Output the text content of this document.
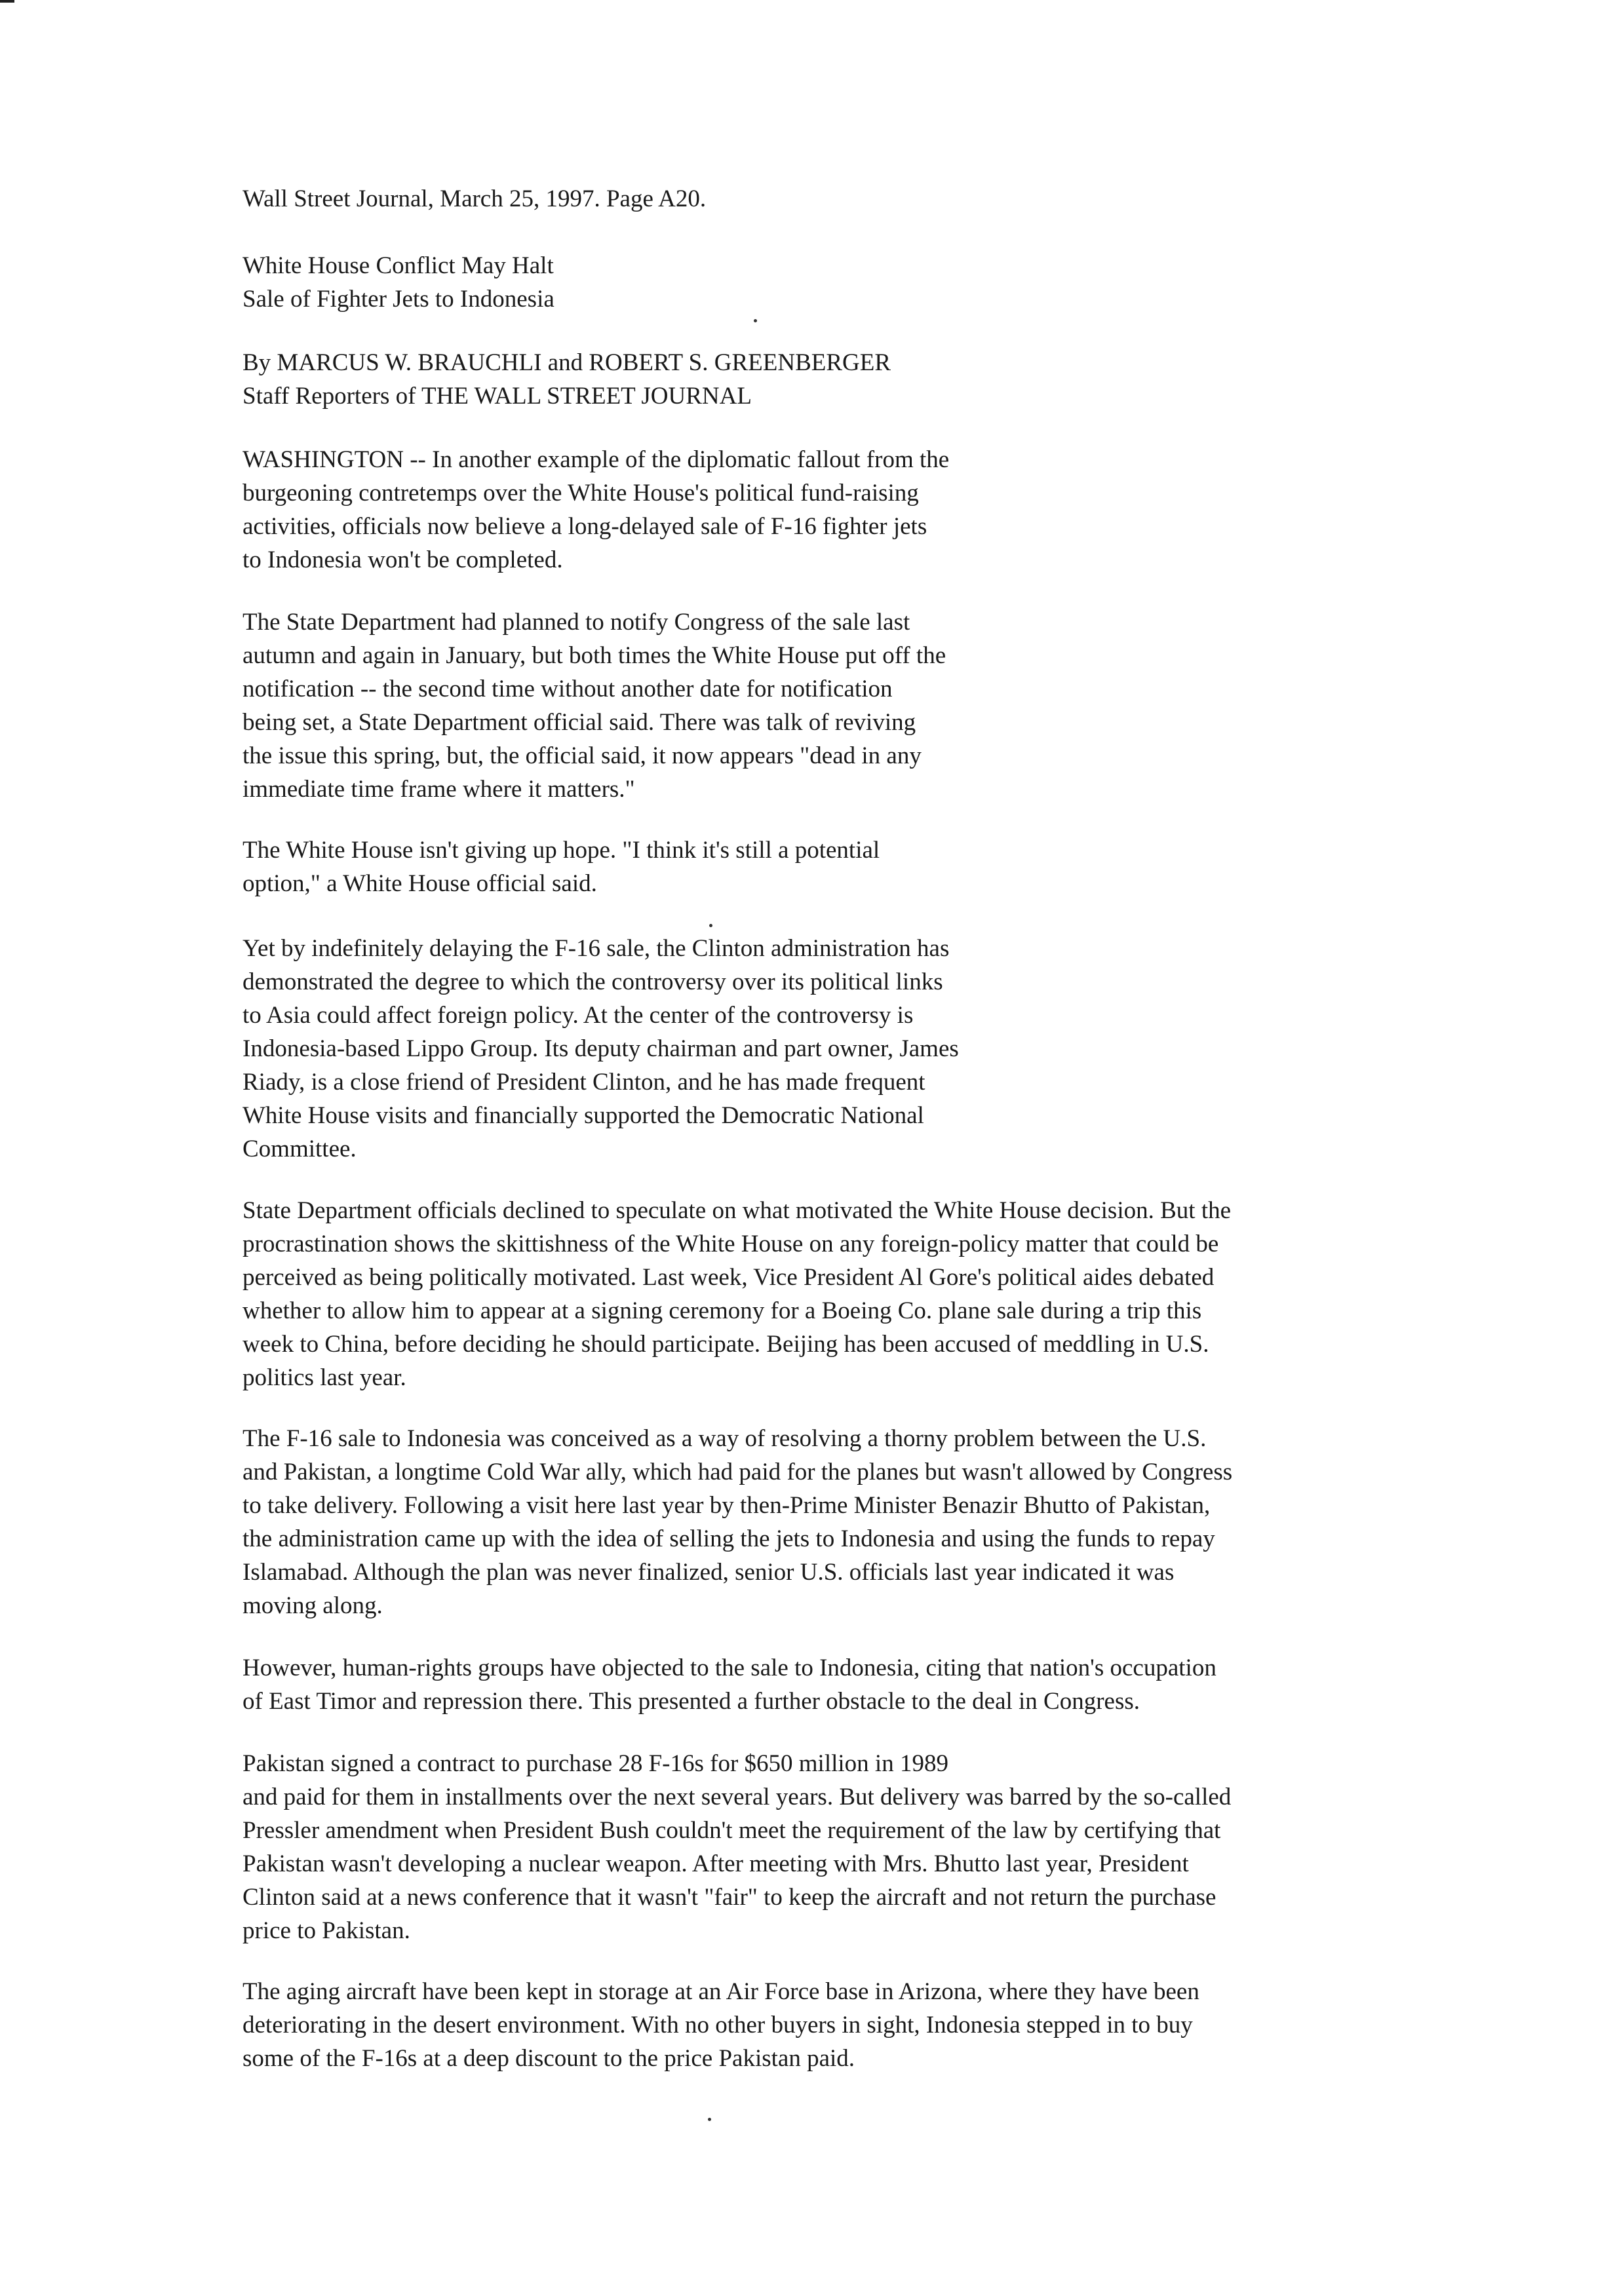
Wall Street Journal, March 25, 1997. Page A20.
White House Conflict May Halt
Sale of Fighter Jets to Indonesia
By MARCUS W. BRAUCHLI and ROBERT S. GREENBERGER
Staff Reporters of THE WALL STREET JOURNAL
WASHINGTON -- In another example of the diplomatic fallout from the
burgeoning contretemps over the White House's political fund-raising
activities, officials now believe a long-delayed sale of F-16 fighter jets
to Indonesia won't be completed.
The State Department had planned to notify Congress of the sale last
autumn and again in January, but both times the White House put off the
notification -- the second time without another date for notification
being set, a State Department official said. There was talk of reviving
the issue this spring, but, the official said, it now appears "dead in any
immediate time frame where it matters."
The White House isn't giving up hope. "I think it's still a potential
option," a White House official said.
Yet by indefinitely delaying the F-16 sale, the Clinton administration has
demonstrated the degree to which the controversy over its political links
to Asia could affect foreign policy. At the center of the controversy is
Indonesia-based Lippo Group. Its deputy chairman and part owner, James
Riady, is a close friend of President Clinton, and he has made frequent
White House visits and financially supported the Democratic National
Committee.
State Department officials declined to speculate on what motivated the White House decision. But the
procrastination shows the skittishness of the White House on any foreign-policy matter that could be
perceived as being politically motivated. Last week, Vice President Al Gore's political aides debated
whether to allow him to appear at a signing ceremony for a Boeing Co. plane sale during a trip this
week to China, before deciding he should participate. Beijing has been accused of meddling in U.S.
politics last year.
The F-16 sale to Indonesia was conceived as a way of resolving a thorny problem between the U.S.
and Pakistan, a longtime Cold War ally, which had paid for the planes but wasn't allowed by Congress
to take delivery. Following a visit here last year by then-Prime Minister Benazir Bhutto of Pakistan,
the administration came up with the idea of selling the jets to Indonesia and using the funds to repay
Islamabad. Although the plan was never finalized, senior U.S. officials last year indicated it was
moving along.
However, human-rights groups have objected to the sale to Indonesia, citing that nation's occupation
of East Timor and repression there. This presented a further obstacle to the deal in Congress.
Pakistan signed a contract to purchase 28 F-16s for $650 million in 1989
and paid for them in installments over the next several years. But delivery was barred by the so-called
Pressler amendment when President Bush couldn't meet the requirement of the law by certifying that
Pakistan wasn't developing a nuclear weapon. After meeting with Mrs. Bhutto last year, President
Clinton said at a news conference that it wasn't "fair" to keep the aircraft and not return the purchase
price to Pakistan.
The aging aircraft have been kept in storage at an Air Force base in Arizona, where they have been
deteriorating in the desert environment. With no other buyers in sight, Indonesia stepped in to buy
some of the F-16s at a deep discount to the price Pakistan paid.
